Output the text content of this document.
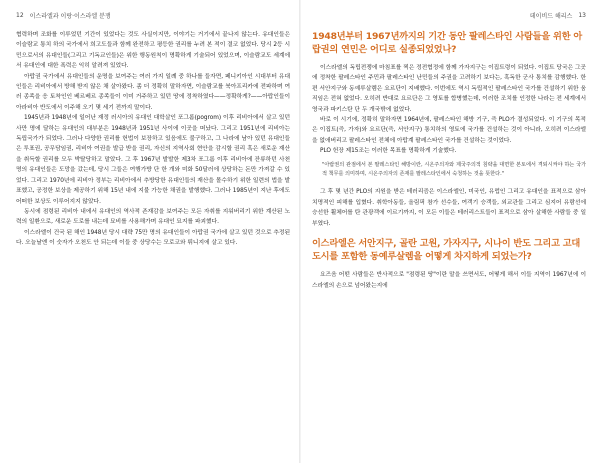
12 이스라엘과 이랑·이스라엘 분쟁

협력하며 조화를 이루었던 기간이 있었다는 것도 사실이지만, 이야기는 거기에서 끝나지 않는다. 유대인들은 이슬람교 통치 하의 국가에서 희고도들과 함께 완전하고 평등한 권리를 누려 본 적이 결코 없었다. 당시 2등 시민으로서의 유대인들(그리고 기독교인들)은 위한 행동원칙이 명확하게 기술되어 있었으며, 이슬람교도 세계에서 유대인에 대한 폭력은 익히 알려져 있었다.

아랍권 국가에서 유대인들의 운명을 보여주는 여러 가지 일례 중 하나를 들자면, 페니키아인 시대부터 유대인들은 리비아에서 방해 받지 않은 채 살아왔다. 좀 더 정확히 말하자면, 이슬람교를 북아프리카에 전파하며 여러 종족을 응 토착인인 베르베르 종족들이 이미 거주하고 있던 땅에 정착하였다——정확하게?——아랍인들이 아라비아 반도에서 이주해 오기 몇 세기 전까지 말이다.

1945년과 1948년에 일어난 재정 러시아의 유대인 대학살인 포그롬(pogrom) 이후 리비아에서 살고 있던 사만 명에 달하는 유대인의 대부분은 1948년과 1951년 사이에 이곳을 떠났다. 그리고 1951년에 리비아는 독립국가가 되었다. 그러나 다양한 권리를 헌법이 보장하고 있음에도 불구하고, 그 나라에 남아 있던 유대인들은 투표권, 공무담임권, 리비아 여권을 발급 받을 권리, 자신의 지역사회 현안을 감시할 권리 혹은 새로운 재산을 취득할 권리를 모두 박탈당하고 말았다. 그 후 1967년 발발한 제3차 포그롬 이후 리비아에 잔류하던 사천 명의 유대인들은 도망을 갔는데, 당시 그들은 여행가방 단 한 개와 미화 50달러에 상당하는 돈만 가져갈 수 있었다. 그리고 1970년에 리비아 정부는 리비아에서 추방당한 유대인들의 재산을 몰수하기 위한 일련의 법을 발표했고, 공정한 보상을 제공하기 위해 15년 내에 지불 가능한 채권을 발행했다. 그러나 1985년이 지난 후에도 어떠한 보상도 이루어지지 않았다.

동시에 점령된 리비아 내에서 유대인의 역사적 존재감을 보여주는 모든 자취를 지워버리기 위한 계산된 노력의 일환으로, 새로운 도로를 내는데 묘비를 사용해가며 유대인 묘지를 파괴했다.

이스라엘이 건국 된 해인 1948년 당시 대략 75만 명의 유대인들이 아랍권 국가에 살고 있던 것으로 추정된다. 오늘날엔 이 숫자가 오천도 안 되는데 이들 중 상당수는 모로코와 튀니지에 살고 있다.

데이비드 해리스 13
1948년부터 1967년까지의 기간 동안 팔레스타인 사람들을 위한 아랍권의 연민은 어디로 실종되었었나?

이스라엘의 독립전쟁에 마침표를 찍은 정전협정에 함께 가자지구는 이집트령이 되었다. 이집트 당국은 그곳에 정착한 팔레스타인 주민과 팔레스타인 난민들의 주권을 고려하기 보다는, 혹독한 군사 통치를 감행했다. 한편 서안지구와 동예루살렘은 요르단이 지배했다. 이번에도 역시 독립적인 팔레스타인 국가를 건설하기 위한 움직임은 전혀 없었다. 오히려 반대로 요르단은 그 영토를 합병했는데, 이러한 조치를 인정한 나라는 전 세계에서 영국과 파키스탄 단 두 개국밖에 없었다.

바로 이 시기에, 정확히 말하자면 1964년에, 팔레스타인 해방 기구, 즉 PLO가 결성되었다. 이 기구의 목적은 이집트(즉, 가자)와 요르단(즉, 서안지구) 통치하의 영토에 국가를 건설하는 것이 아니라, 오히려 이스라엘을 없애버리고 팔레스타인 전체에 아랍계 팔레스타인 국가를 건설하는 것이었다.

PLO 헌장 제15조는 이러한 목표를 명확하게 기술했다.

"아랍권의 관점에서 본 팔레스타인 해방이란, 시온주의자와 제국주의적 침략을 대면한 본토에서 격퇴시켜야 하는 국가적 책무를 의미하며, 시온주의자의 존재를 팔레스타인에서 숙청하는 것을 뜻한다."

그 후 몇 년간 PLO의 지원을 받은 테러리즘은 이스라엘인, 미국인, 유럽인 그리고 유대인을 표적으로 삼아 치명적인 피해를 입혔다. 취학아동들, 올림픽 참가 선수들, 여객기 승객들, 외교관들 그리고 심지어 유람선에 승선한 휠체어를 탄 관광객에 이르기까지, 이 모든 이들은 테러리스트들이 표적으로 삼아 살해한 사람들 중 일부였다.

이스라엘은 서안지구, 골란 고원, 가자지구, 시나이 반도 그리고 고대도시를 포함한 동예루살렘을 어떻게 차지하게 되었는가?

요즈음 어떤 사람들은 반사적으로 "점령된 땅"이란 말을 쓰면서도, 어떻게 해서 이들 지역이 1967년에 이스라엘의 손으로 넘어왔는지에
